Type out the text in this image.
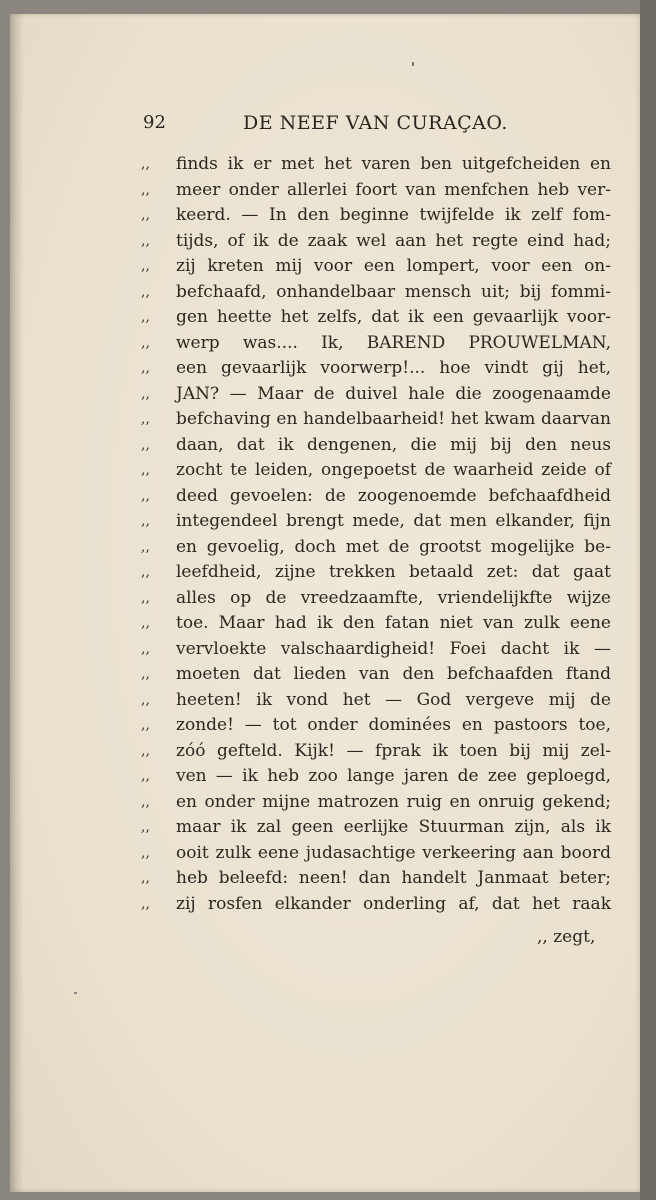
92	DE NEEF VAN CURAÇAO.
,,	finds ik er met het varen ben uitgefcheiden en
,,	meer onder allerlei foort van menfchen heb ver-
,,	keerd. — In den beginne twijfelde ik zelf fom-
,,	tijds, of ik de zaak wel aan het regte eind had;
,,	zij kreten mij voor een lompert, voor een on-
,,	befchaafd, onhandelbaar mensch uit; bij fommi-
,,	gen heette het zelfs, dat ik een gevaarlijk voor-
,,	werp was.... Ik, BAREND PROUWELMAN,
,,	een gevaarlijk voorwerp!... hoe vindt gij het,
,,	JAN? — Maar de duivel hale die zoogenaamde
,,	befchaving en handelbaarheid! het kwam daarvan
,,	daan, dat ik dengenen, die mij bij den neus
,,	zocht te leiden, ongepoetst de waarheid zeide of
,,	deed gevoelen: de zoogenoemde befchaafdheid
,,	integendeel brengt mede, dat men elkander, fijn
,,	en gevoelig, doch met de grootst mogelijke be-
,,	leefdheid, zijne trekken betaald zet: dat gaat
,,	alles op de vreedzaamfte, vriendelijkfte wijze
,,	toe. Maar had ik den fatan niet van zulk eene
,,	vervloekte valschaardigheid! Foei dacht ik —
,,	moeten dat lieden van den befchaafden ftand
,,	heeten! ik vond het — God vergeve mij de
,,	zonde! — tot onder dominées en pastoors toe,
,,	zóó gefteld. Kijk! — fprak ik toen bij mij zel-
,,	ven — ik heb zoo lange jaren de zee geploegd,
,,	en onder mijne matrozen ruig en onruig gekend;
,,	maar ik zal geen eerlijke Stuurman zijn, als ik
,,	ooit zulk eene judasachtige verkeering aan boord
,,	heb beleefd: neen! dan handelt Janmaat beter;
,,	zij rosfen elkander onderling af, dat het raak
,, zegt,
